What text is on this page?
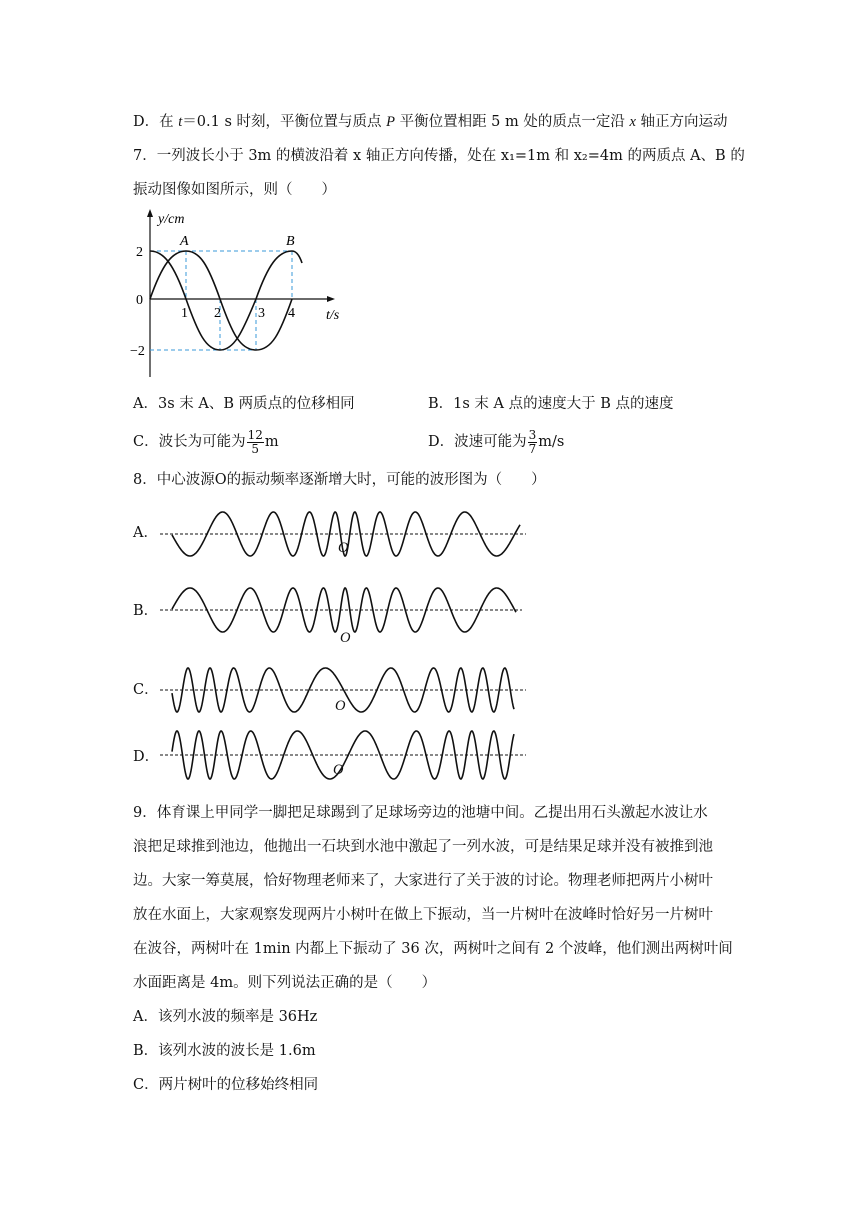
D．在 t＝0.1 s 时刻，平衡位置与质点 P 平衡位置相距 5 m 处的质点一定沿 x 轴正方向运动
7．一列波长小于 3m 的横波沿着 x 轴正方向传播，处在 x₁=1m 和 x₂=4m 的两质点 A、B 的
振动图像如图所示，则（　　）
y/cm
t/s
2
0
−2
1 2	3 4
A	B
A．3s 末 A、B 两质点的位移相同	B．1s 末 A 点的速度大于 B 点的速度
C．波长为可能为 $\frac{12}{5}$ m	D．波速可能为 $\frac{3}{7} m/s$
8．中心波源O的振动频率逐渐增大时，可能的波形图为（　　）
A．
B．
C．
D．
O
O
O
O
9．体育课上甲同学一脚把足球踢到了足球场旁边的池塘中间。乙提出用石头激起水波让水
浪把足球推到池边，他抛出一石块到水池中激起了一列水波，可是结果足球并没有被推到池
边。大家一筹莫展，恰好物理老师来了，大家进行了关于波的讨论。物理老师把两片小树叶
放在水面上，大家观察发现两片小树叶在做上下振动，当一片树叶在波峰时恰好另一片树叶
在波谷，两树叶在 1min 内都上下振动了 36 次，两树叶之间有 2 个波峰，他们测出两树叶间
水面距离是 4m。则下列说法正确的是（　　）
A．该列水波的频率是 36Hz
B．该列水波的波长是 1.6m
C．两片树叶的位移始终相同
